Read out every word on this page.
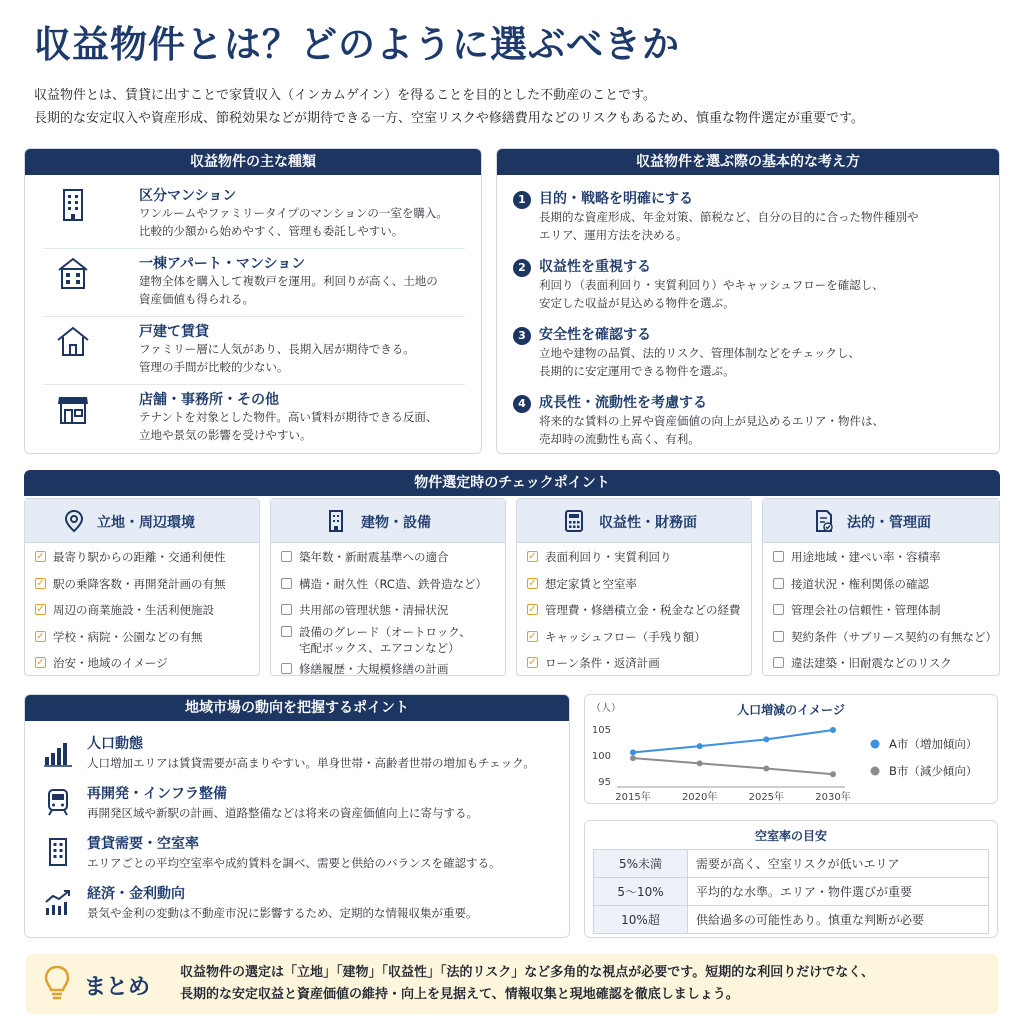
収益物件とは？どのように選ぶべきか
収益物件とは、賃貸に出すことで家賃収入（インカムゲイン）を得ることを目的とした不動産のことです。
長期的な安定収入や資産形成、節税効果などが期待できる一方、空室リスクや修繕費用などのリスクもあるため、慎重な物件選定が重要です。
収益物件の主な種類
区分マンション
ワンルームやファミリータイプのマンションの一室を購入。
比較的少額から始めやすく、管理も委託しやすい。
一棟アパート・マンション
建物全体を購入して複数戸を運用。利回りが高く、土地の
資産価値も得られる。
戸建て賃貸
ファミリー層に人気があり、長期入居が期待できる。
管理の手間が比較的少ない。
店舗・事務所・その他
テナントを対象とした物件。高い賃料が期待できる反面、
立地や景気の影響を受けやすい。
収益物件を選ぶ際の基本的な考え方
1 目的・戦略を明確にする
長期的な資産形成、年金対策、節税など、自分の目的に合った物件種別や
エリア、運用方法を決める。
2 収益性を重視する
利回り（表面利回り・実質利回り）やキャッシュフローを確認し、
安定した収益が見込める物件を選ぶ。
3 安全性を確認する
立地や建物の品質、法的リスク、管理体制などをチェックし、
長期的に安定運用できる物件を選ぶ。
4 成長性・流動性を考慮する
将来的な賃料の上昇や資産価値の向上が見込めるエリア・物件は、
売却時の流動性も高く、有利。
物件選定時のチェックポイント
立地・周辺環境
✓ 最寄り駅からの距離・交通利便性
✓ 駅の乗降客数・再開発計画の有無
✓ 周辺の商業施設・生活利便施設
✓ 学校・病院・公園などの有無
✓ 治安・地域のイメージ
建物・設備
築年数・新耐震基準への適合
構造・耐久性（RC造、鉄骨造など）
共用部の管理状態・清掃状況
設備のグレード（オートロック、
宅配ボックス、エアコンなど）
修繕履歴・大規模修繕の計画
収益性・財務面
✓ 表面利回り・実質利回り
✓ 想定家賃と空室率
✓ 管理費・修繕積立金・税金などの経費
✓ キャッシュフロー（手残り額）
✓ ローン条件・返済計画
法的・管理面
用途地域・建ぺい率・容積率
接道状況・権利関係の確認
管理会社の信頼性・管理体制
契約条件（サブリース契約の有無など）
違法建築・旧耐震などのリスク
地域市場の動向を把握するポイント
人口動態
人口増加エリアは賃貸需要が高まりやすい。単身世帯・高齢者世帯の増加もチェック。
再開発・インフラ整備
再開発区域や新駅の計画、道路整備などは将来の資産価値向上に寄与する。
賃貸需要・空室率
エリアごとの平均空室率や成約賃料を調べ、需要と供給のバランスを確認する。
経済・金利動向
景気や金利の変動は不動産市況に影響するため、定期的な情報収集が重要。
人口増減のイメージ
（人）
95
100
105
2015年	2020年	2025年	2030年
A市（増加傾向）
B市（減少傾向）
空室率の目安
5%未満	需要が高く、空室リスクが低いエリア
5〜10%	平均的な水準。エリア・物件選びが重要
10%超	供給過多の可能性あり。慎重な判断が必要
まとめ
収益物件の選定は「立地」「建物」「収益性」「法的リスク」など多角的な視点が必要です。短期的な利回りだけでなく、
長期的な安定収益と資産価値の維持・向上を見据えて、情報収集と現地確認を徹底しましょう。
